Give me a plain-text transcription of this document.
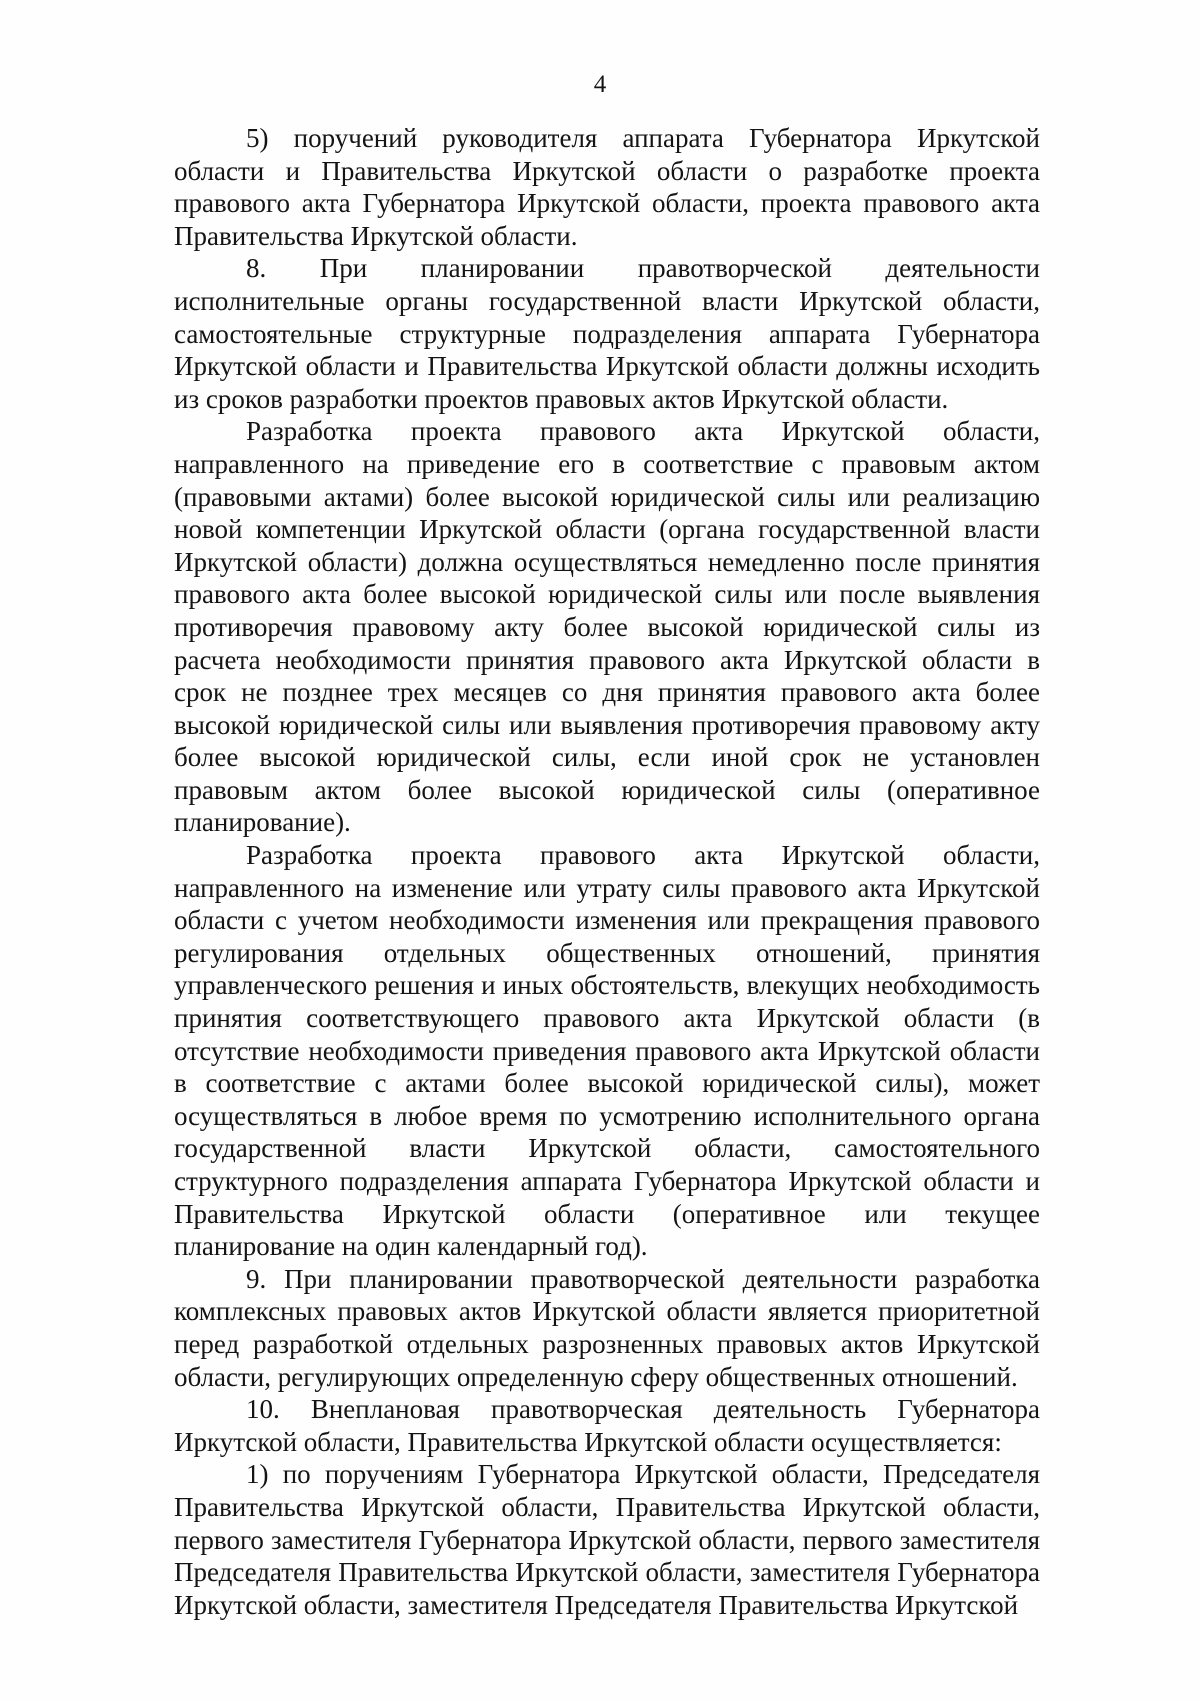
4

5) поручений руководителя аппарата Губернатора Иркутской области и Правительства Иркутской области о разработке проекта правового акта Губернатора Иркутской области, проекта правового акта Правительства Иркутской области.

8. При планировании правотворческой деятельности исполнительные органы государственной власти Иркутской области, самостоятельные структурные подразделения аппарата Губернатора Иркутской области и Правительства Иркутской области должны исходить из сроков разработки проектов правовых актов Иркутской области.

Разработка проекта правового акта Иркутской области, направленного на приведение его в соответствие с правовым актом (правовыми актами) более высокой юридической силы или реализацию новой компетенции Иркутской области (органа государственной власти Иркутской области) должна осуществляться немедленно после принятия правового акта более высокой юридической силы или после выявления противоречия правовому акту более высокой юридической силы из расчета необходимости принятия правового акта Иркутской области в срок не позднее трех месяцев со дня принятия правового акта более высокой юридической силы или выявления противоречия правовому акту более высокой юридической силы, если иной срок не установлен правовым актом более высокой юридической силы (оперативное планирование).

Разработка проекта правового акта Иркутской области, направленного на изменение или утрату силы правового акта Иркутской области с учетом необходимости изменения или прекращения правового регулирования отдельных общественных отношений, принятия управленческого решения и иных обстоятельств, влекущих необходимость принятия соответствующего правового акта Иркутской области (в отсутствие необходимости приведения правового акта Иркутской области в соответствие с актами более высокой юридической силы), может осуществляться в любое время по усмотрению исполнительного органа государственной власти Иркутской области, самостоятельного структурного подразделения аппарата Губернатора Иркутской области и Правительства Иркутской области (оперативное или текущее планирование на один календарный год).

9. При планировании правотворческой деятельности разработка комплексных правовых актов Иркутской области является приоритетной перед разработкой отдельных разрозненных правовых актов Иркутской области, регулирующих определенную сферу общественных отношений.

10. Внеплановая правотворческая деятельность Губернатора Иркутской области, Правительства Иркутской области осуществляется:

1) по поручениям Губернатора Иркутской области, Председателя Правительства Иркутской области, Правительства Иркутской области, первого заместителя Губернатора Иркутской области, первого заместителя Председателя Правительства Иркутской области, заместителя Губернатора Иркутской области, заместителя Председателя Правительства Иркутской
